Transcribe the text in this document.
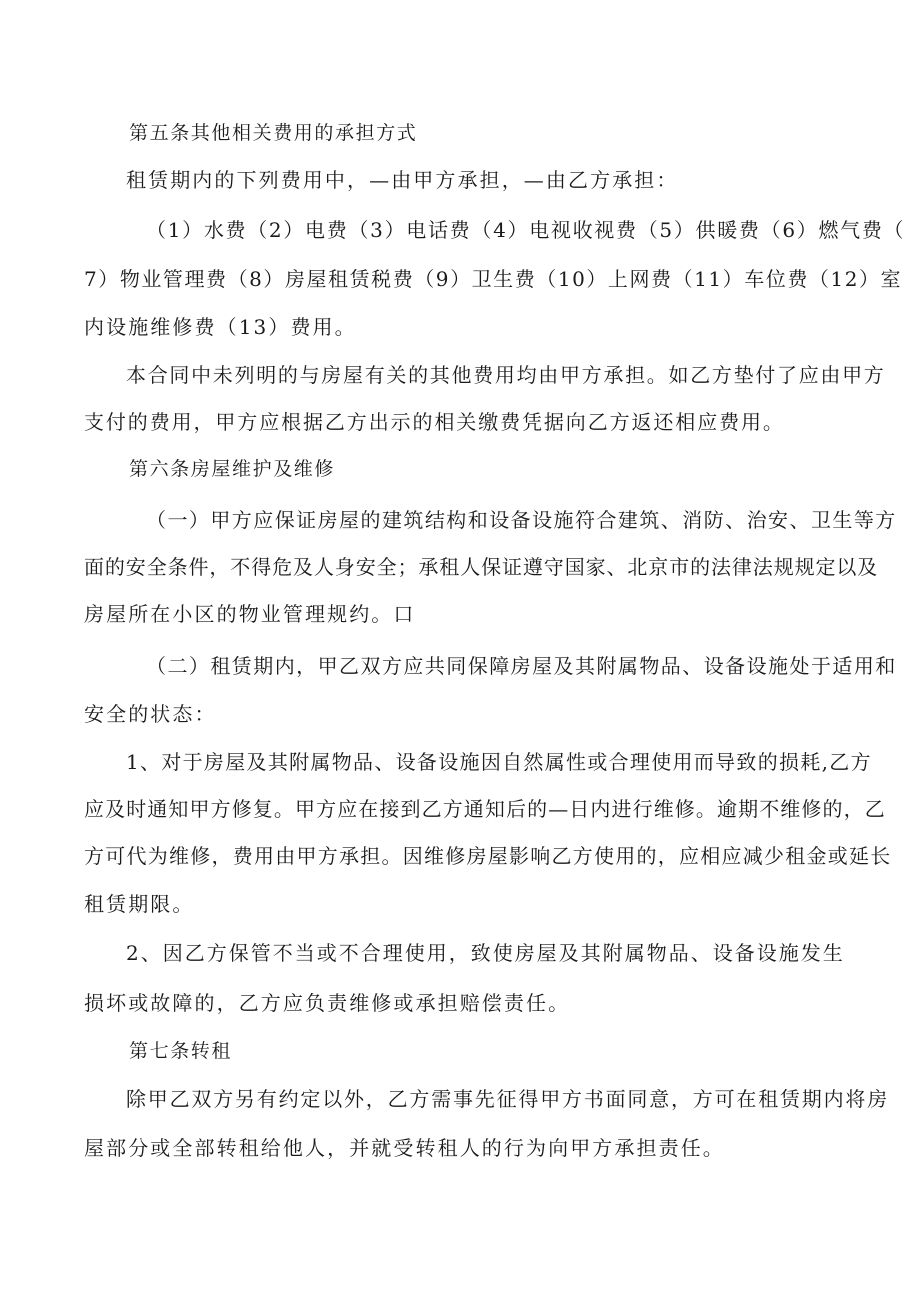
第五条其他相关费用的承担方式
租赁期内的下列费用中，—由甲方承担，—由乙方承担：
（1）水费（2）电费（3）电话费（4）电视收视费（5）供暖费（6）燃气费（
7）物业管理费（8）房屋租赁税费（9）卫生费（10）上网费（11）车位费（12）室
内设施维修费（13）费用。
本合同中未列明的与房屋有关的其他费用均由甲方承担。如乙方垫付了应由甲方
支付的费用，甲方应根据乙方出示的相关缴费凭据向乙方返还相应费用。
第六条房屋维护及维修
（一）甲方应保证房屋的建筑结构和设备设施符合建筑、消防、治安、卫生等方
面的安全条件，不得危及人身安全；承租人保证遵守国家、北京市的法律法规规定以及
房屋所在小区的物业管理规约。口
（二）租赁期内，甲乙双方应共同保障房屋及其附属物品、设备设施处于适用和
安全的状态：
1、对于房屋及其附属物品、设备设施因自然属性或合理使用而导致的损耗,乙方
应及时通知甲方修复。甲方应在接到乙方通知后的—日内进行维修。逾期不维修的，乙
方可代为维修，费用由甲方承担。因维修房屋影响乙方使用的，应相应减少租金或延长
租赁期限。
2、因乙方保管不当或不合理使用，致使房屋及其附属物品、设备设施发生
损坏或故障的，乙方应负责维修或承担赔偿责任。
第七条转租
除甲乙双方另有约定以外，乙方需事先征得甲方书面同意，方可在租赁期内将房
屋部分或全部转租给他人，并就受转租人的行为向甲方承担责任。
